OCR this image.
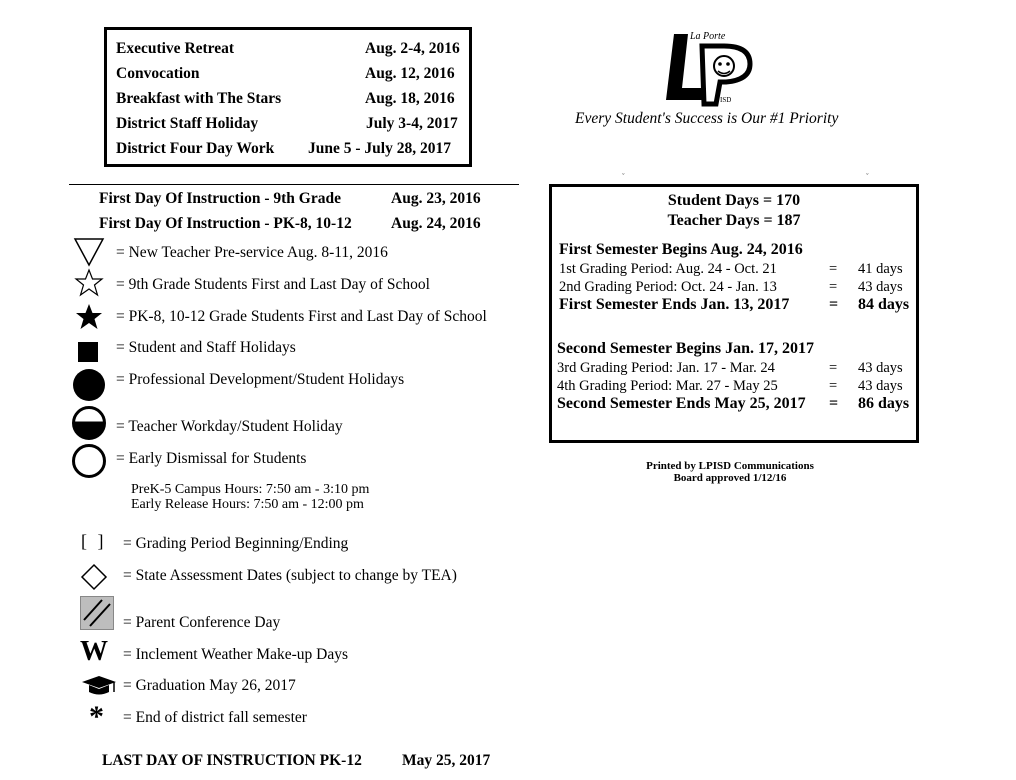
Executive Retreat	Aug. 2-4, 2016
Convocation	Aug. 12, 2016
Breakfast with The Stars	Aug. 18, 2016
District Staff Holiday	July 3-4, 2017
District Four Day Work June 5 - July 28, 2017
La Porte
ISD
Every Student's Success is Our #1 Priority
ˇ	ˇ
First Day Of Instruction - 9th Grade	Aug. 23, 2016
First Day Of Instruction - PK-8, 10-12	Aug. 24, 2016
= New Teacher Pre-service Aug. 8-11, 2016
= 9th Grade Students First and Last Day of School
= PK-8, 10-12 Grade Students First and Last Day of School
= Student and Staff Holidays
= Professional Development/Student Holidays
= Teacher Workday/Student Holiday
= Early Dismissal for Students
PreK-5 Campus Hours: 7:50 am - 3:10 pm
Early Release Hours: 7:50 am - 12:00 pm
[ ] = Grading Period Beginning/Ending
= State Assessment Dates (subject to change by TEA)
= Parent Conference Day
W = Inclement Weather Make-up Days
= Graduation May 26, 2017
* = End of district fall semester
LAST DAY OF INSTRUCTION PK-12	May 25, 2017
Student Days = 170
Teacher Days = 187
First Semester Begins Aug. 24, 2016
1st Grading Period: Aug. 24 - Oct. 21	= 41 days
2nd Grading Period: Oct. 24 - Jan. 13	= 43 days
First Semester Ends Jan. 13, 2017 = 84 days
Second Semester Begins Jan. 17, 2017
3rd Grading Period: Jan. 17 - Mar. 24	= 43 days
4th Grading Period: Mar. 27 - May 25	= 43 days
Second Semester Ends May 25, 2017 = 86 days
Printed by LPISD Communications
Board approved 1/12/16
